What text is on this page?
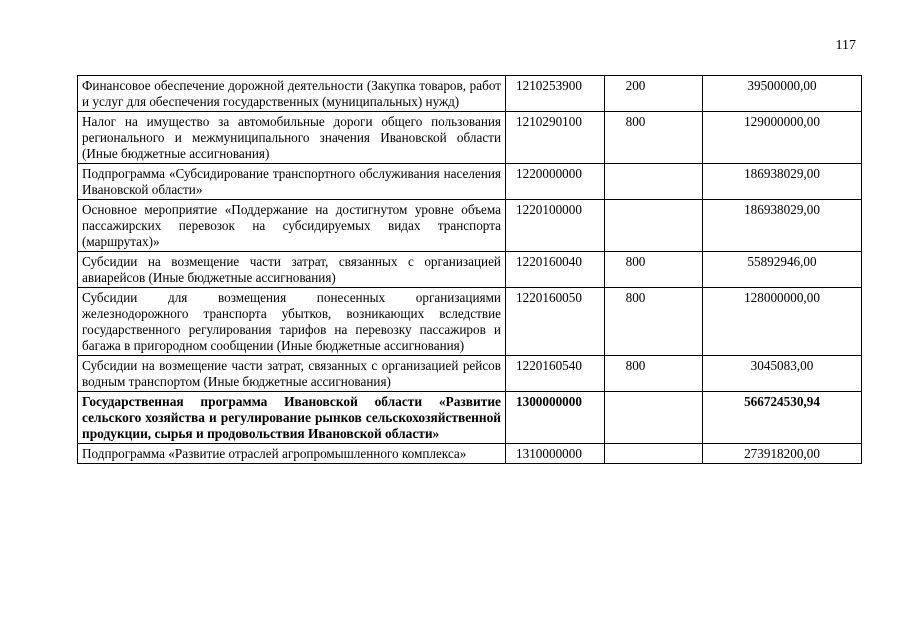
117
Финансовое обеспечение дорожной деятельности (Закупка товаров, работ и услуг для обеспечения государственных (муниципальных) нужд)	1210253900	200	39500000,00
Налог на имущество за автомобильные дороги общего пользования регионального и межмуниципального значения Ивановской области (Иные бюджетные ассигнования)	1210290100	800	129000000,00
Подпрограмма «Субсидирование транспортного обслуживания населения Ивановской области»	1220000000		186938029,00
Основное мероприятие «Поддержание на достигнутом уровне объема пассажирских перевозок на субсидируемых видах транспорта (маршрутах)»	1220100000		186938029,00
Субсидии на возмещение части затрат, связанных с организацией авиарейсов (Иные бюджетные ассигнования)	1220160040	800	55892946,00
Субсидии для возмещения понесенных организациями железнодорожного транспорта убытков, возникающих вследствие государственного регулирования тарифов на перевозку пассажиров и багажа в пригородном сообщении (Иные бюджетные ассигнования)	1220160050	800	128000000,00
Субсидии на возмещение части затрат, связанных с организацией рейсов водным транспортом (Иные бюджетные ассигнования)	1220160540	800	3045083,00
Государственная программа Ивановской области «Развитие сельского хозяйства и регулирование рынков сельскохозяйственной продукции, сырья и продовольствия Ивановской области»	1300000000		566724530,94
Подпрограмма «Развитие отраслей агропромышленного комплекса»	1310000000		273918200,00
